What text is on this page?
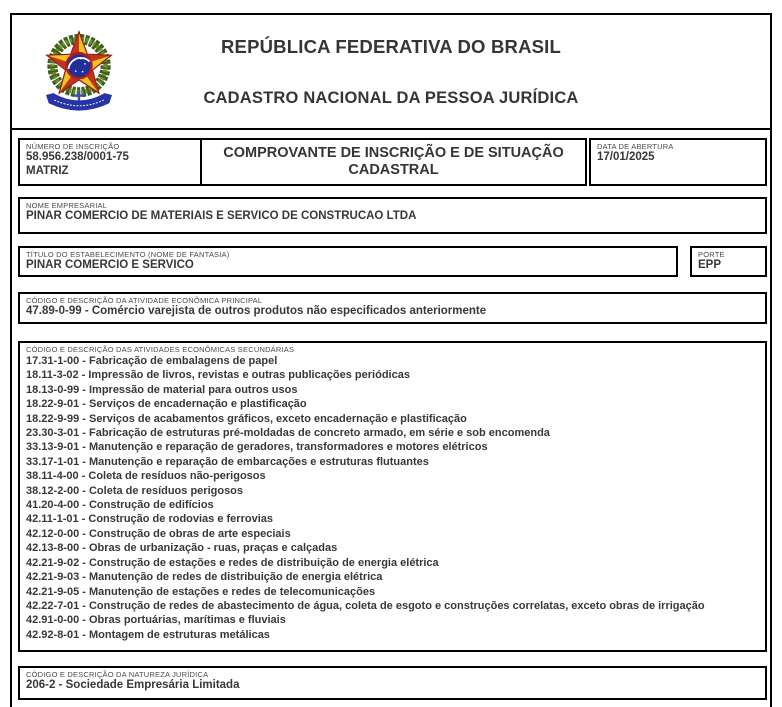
REPÚBLICA FEDERATIVA DO BRASIL
CADASTRO NACIONAL DA PESSOA JURÍDICA
NÚMERO DE INSCRIÇÃO
58.956.238/0001-75
MATRIZ
COMPROVANTE DE INSCRIÇÃO E DE SITUAÇÃO CADASTRAL
DATA DE ABERTURA
17/01/2025
NOME EMPRESARIAL
PINAR COMERCIO DE MATERIAIS E SERVICO DE CONSTRUCAO LTDA
TÍTULO DO ESTABELECIMENTO (NOME DE FANTASIA)
PINAR COMERCIO E SERVICO
PORTE
EPP
CÓDIGO E DESCRIÇÃO DA ATIVIDADE ECONÔMICA PRINCIPAL
47.89-0-99 - Comércio varejista de outros produtos não especificados anteriormente
CÓDIGO E DESCRIÇÃO DAS ATIVIDADES ECONÔMICAS SECUNDÁRIAS
17.31-1-00 - Fabricação de embalagens de papel
18.11-3-02 - Impressão de livros, revistas e outras publicações periódicas
18.13-0-99 - Impressão de material para outros usos
18.22-9-01 - Serviços de encadernação e plastificação
18.22-9-99 - Serviços de acabamentos gráficos, exceto encadernação e plastificação
23.30-3-01 - Fabricação de estruturas pré-moldadas de concreto armado, em série e sob encomenda
33.13-9-01 - Manutenção e reparação de geradores, transformadores e motores elétricos
33.17-1-01 - Manutenção e reparação de embarcações e estruturas flutuantes
38.11-4-00 - Coleta de resíduos não-perigosos
38.12-2-00 - Coleta de resíduos perigosos
41.20-4-00 - Construção de edifícios
42.11-1-01 - Construção de rodovias e ferrovias
42.12-0-00 - Construção de obras de arte especiais
42.13-8-00 - Obras de urbanização - ruas, praças e calçadas
42.21-9-02 - Construção de estações e redes de distribuição de energia elétrica
42.21-9-03 - Manutenção de redes de distribuição de energia elétrica
42.21-9-05 - Manutenção de estações e redes de telecomunicações
42.22-7-01 - Construção de redes de abastecimento de água, coleta de esgoto e construções correlatas, exceto obras de irrigação
42.91-0-00 - Obras portuárias, marítimas e fluviais
42.92-8-01 - Montagem de estruturas metálicas
CÓDIGO E DESCRIÇÃO DA NATUREZA JURÍDICA
206-2 - Sociedade Empresária Limitada
